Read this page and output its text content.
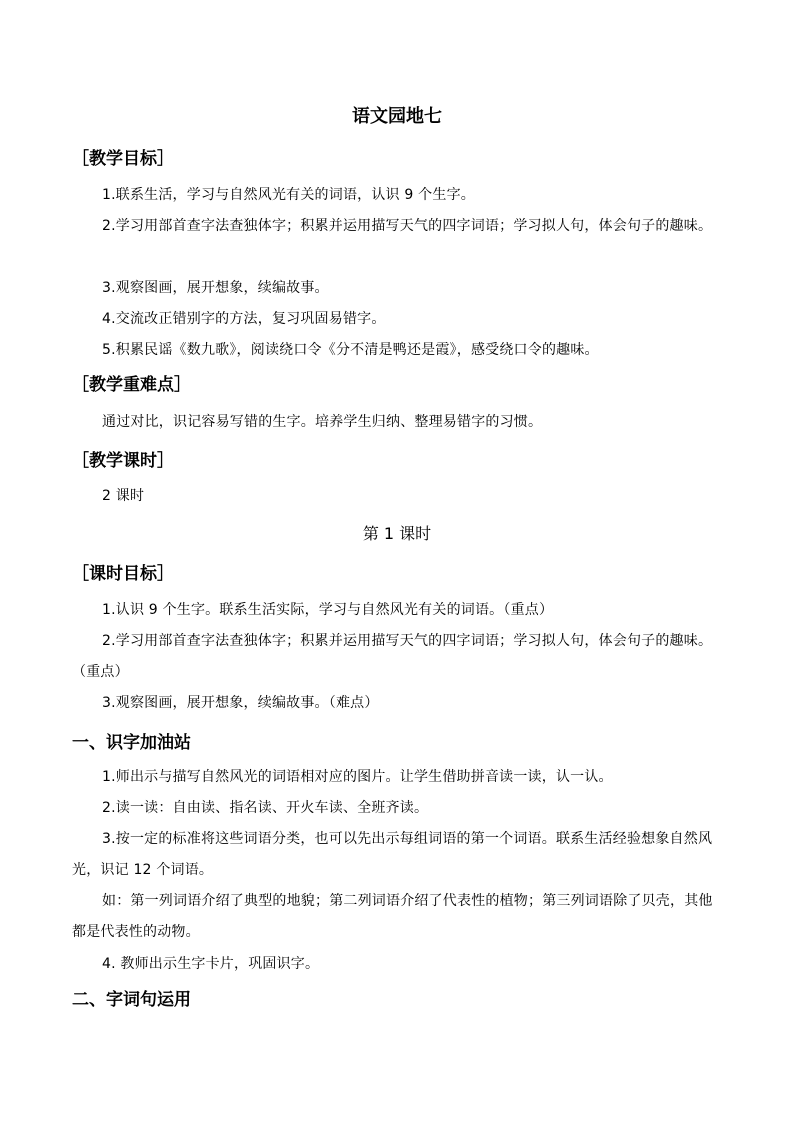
语文园地七
［教学目标］
1.联系生活，学习与自然风光有关的词语，认识 9 个生字。
2.学习用部首查字法查独体字；积累并运用描写天气的四字词语；学习拟人句，体会句子的趣味。
3.观察图画，展开想象，续编故事。
4.交流改正错别字的方法，复习巩固易错字。
5.积累民谣《数九歌》，阅读绕口令《分不清是鸭还是霞》，感受绕口令的趣味。
［教学重难点］
通过对比，识记容易写错的生字。培养学生归纳、整理易错字的习惯。
［教学课时］
2 课时
第 1 课时
［课时目标］
1.认识 9 个生字。联系生活实际，学习与自然风光有关的词语。（重点）
2.学习用部首查字法查独体字；积累并运用描写天气的四字词语；学习拟人句，体会句子的趣味。（重点）
3.观察图画，展开想象，续编故事。（难点）
一、识字加油站
1.师出示与描写自然风光的词语相对应的图片。让学生借助拼音读一读，认一认。
2.读一读：自由读、指名读、开火车读、全班齐读。
3.按一定的标准将这些词语分类，也可以先出示每组词语的第一个词语。联系生活经验想象自然风光，识记 12 个词语。
如：第一列词语介绍了典型的地貌；第二列词语介绍了代表性的植物；第三列词语除了贝壳，其他都是代表性的动物。
4. 教师出示生字卡片，巩固识字。
二、字词句运用
